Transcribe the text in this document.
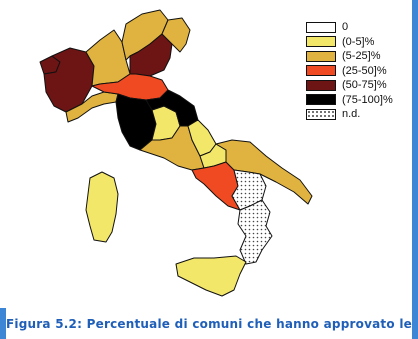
0
(0-5]%
(5-25]%
(25-50]%
(50-75]%
(75-100]%
n.d.
Figura 5.2: Percentuale di comuni che hanno approvato le
